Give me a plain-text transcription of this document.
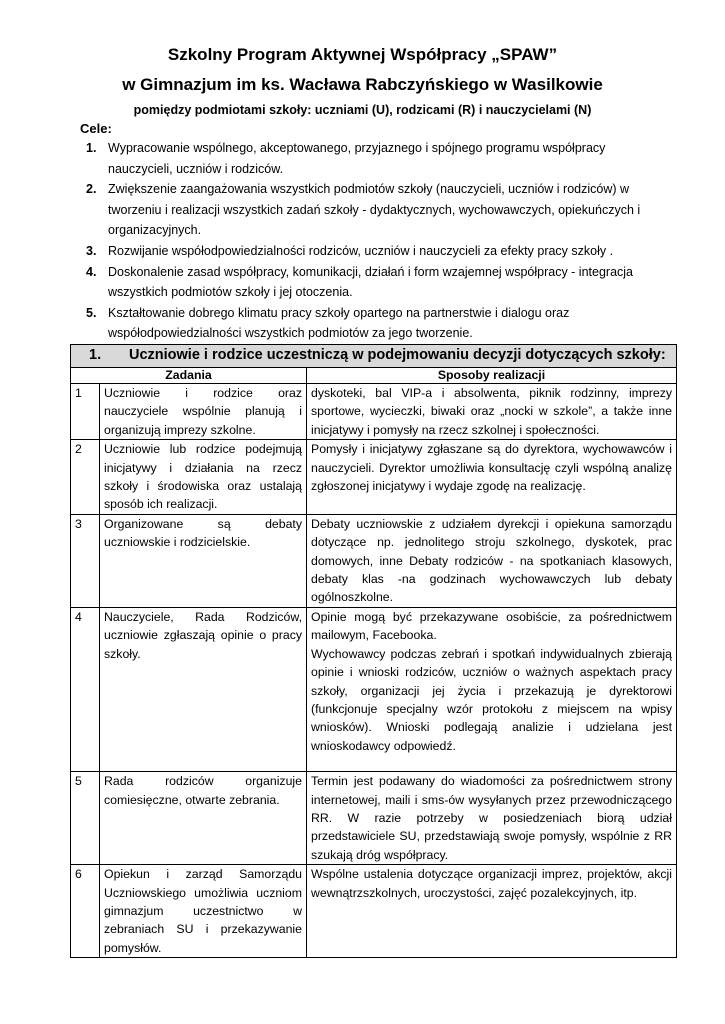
Szkolny Program Aktywnej Współpracy „SPAW”
w Gimnazjum im ks. Wacława Rabczyńskiego w Wasilkowie
pomiędzy podmiotami szkoły: uczniami (U), rodzicami (R) i nauczycielami (N)
Cele:
1. Wypracowanie wspólnego, akceptowanego, przyjaznego i spójnego programu współpracy nauczycieli, uczniów i rodziców.
2. Zwiększenie zaangażowania wszystkich podmiotów szkoły (nauczycieli, uczniów i rodziców) w tworzeniu i realizacji wszystkich zadań szkoły - dydaktycznych, wychowawczych, opiekuńczych i organizacyjnych.
3. Rozwijanie współodpowiedzialności rodziców, uczniów i nauczycieli za efekty pracy szkoły .
4. Doskonalenie zasad współpracy, komunikacji, działań i form wzajemnej współpracy - integracja wszystkich podmiotów szkoły i jej otoczenia.
5. Kształtowanie dobrego klimatu pracy szkoły opartego na partnerstwie i dialogu oraz współodpowiedzialności wszystkich podmiotów za jego tworzenie.
1. Uczniowie i rodzice uczestniczą w podejmowaniu decyzji dotyczących szkoły:		
Zadania		Sposoby realizacji
1	Uczniowie i rodzice oraz nauczyciele wspólnie planują i organizują imprezy szkolne.	dyskoteki, bal VIP-a i absolwenta, piknik rodzinny, imprezy sportowe, wycieczki, biwaki oraz „nocki w szkole”, a także inne inicjatywy i pomysły na rzecz szkolnej i społeczności.

2	Uczniowie lub rodzice podejmują inicjatywy i działania na rzecz szkoły i środowiska oraz ustalają sposób ich realizacji.	Pomysły i inicjatywy zgłaszane są do dyrektora, wychowawców i nauczycieli. Dyrektor umożliwia konsultację czyli wspólną analizę zgłoszonej inicjatywy i wydaje zgodę na realizację.

3	Organizowane są debaty uczniowskie i rodzicielskie.	Debaty uczniowskie z udziałem dyrekcji i opiekuna samorządu dotyczące np. jednolitego stroju szkolnego, dyskotek, prac domowych, inne Debaty rodziców - na spotkaniach klasowych, debaty klas -na godzinach wychowawczych lub debaty ogólnoszkolne.

4	Nauczyciele, Rada Rodziców, uczniowie zgłaszają opinie o pracy szkoły.	Opinie mogą być przekazywane osobiście, za pośrednictwem mailowym, Facebooka.

Wychowawcy podczas zebrań i spotkań indywidualnych zbierają opinie i wnioski rodziców, uczniów o ważnych aspektach pracy szkoły, organizacji jej życia i przekazują je dyrektorowi (funkcjonuje specjalny wzór protokołu z miejscem na wpisy wniosków). Wnioski podlegają analizie i udzielana jest wnioskodawcy odpowiedź.

5	Rada rodziców organizuje comiesięczne, otwarte zebrania.	Termin jest podawany do wiadomości za pośrednictwem strony internetowej, maili i sms-ów wysyłanych przez przewodniczącego RR. W razie potrzeby w posiedzeniach biorą udział przedstawiciele SU, przedstawiają swoje pomysły, wspólnie z RR szukają dróg współpracy.

6	Opiekun i zarząd Samorządu Uczniowskiego umożliwia uczniom gimnazjum uczestnictwo w zebraniach SU i przekazywanie pomysłów.	Wspólne ustalenia dotyczące organizacji imprez, projektów, akcji wewnątrzszkolnych, uroczystości, zajęć pozalekcyjnych, itp.
